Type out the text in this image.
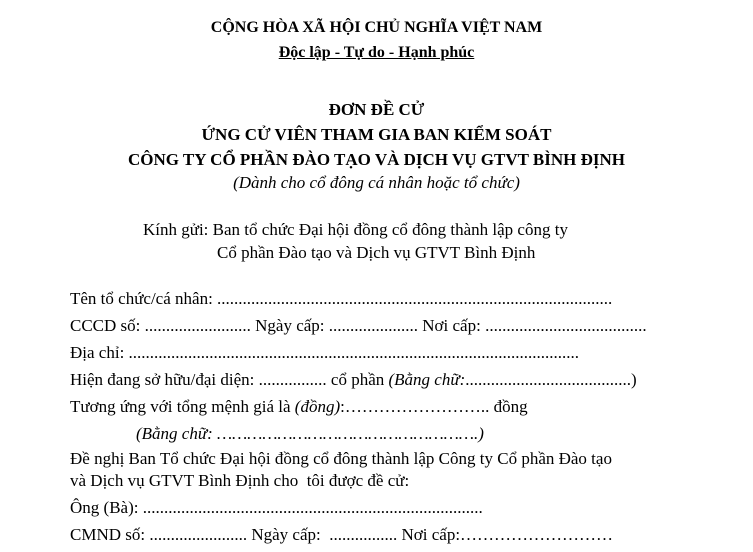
CỘNG HÒA XÃ HỘI CHỦ NGHĨA VIỆT NAM
Độc lập - Tự do - Hạnh phúc
ĐƠN ĐỀ CỬ
ỨNG CỬ VIÊN THAM GIA BAN KIỂM SOÁT
CÔNG TY CỔ PHẦN ĐÀO TẠO VÀ DỊCH VỤ GTVT BÌNH ĐỊNH
(Dành cho cổ đông cá nhân hoặc tổ chức)
Kính gửi: Ban tổ chức Đại hội đồng cổ đông thành lập công ty
Cổ phần Đào tạo và Dịch vụ GTVT Bình Định
Tên tổ chức/cá nhân: .............................................................................................
CCCD số: ......................... Ngày cấp: ..................... Nơi cấp: ......................................
Địa chỉ: ..........................................................................................................
Hiện đang sở hữu/đại diện: ................ cổ phần (Bằng chữ:.......................................)
Tương ứng với tổng mệnh giá là (đồng):…………………….. đồng
(Bằng chữ: …………………………………………….)
Đề nghị Ban Tổ chức Đại hội đồng cổ đông thành lập Công ty Cổ phần Đào tạo
và Dịch vụ GTVT Bình Định cho  tôi được đề cử:
Ông (Bà): ................................................................................
CMND số: ....................... Ngày cấp:  ................ Nơi cấp:………………………
